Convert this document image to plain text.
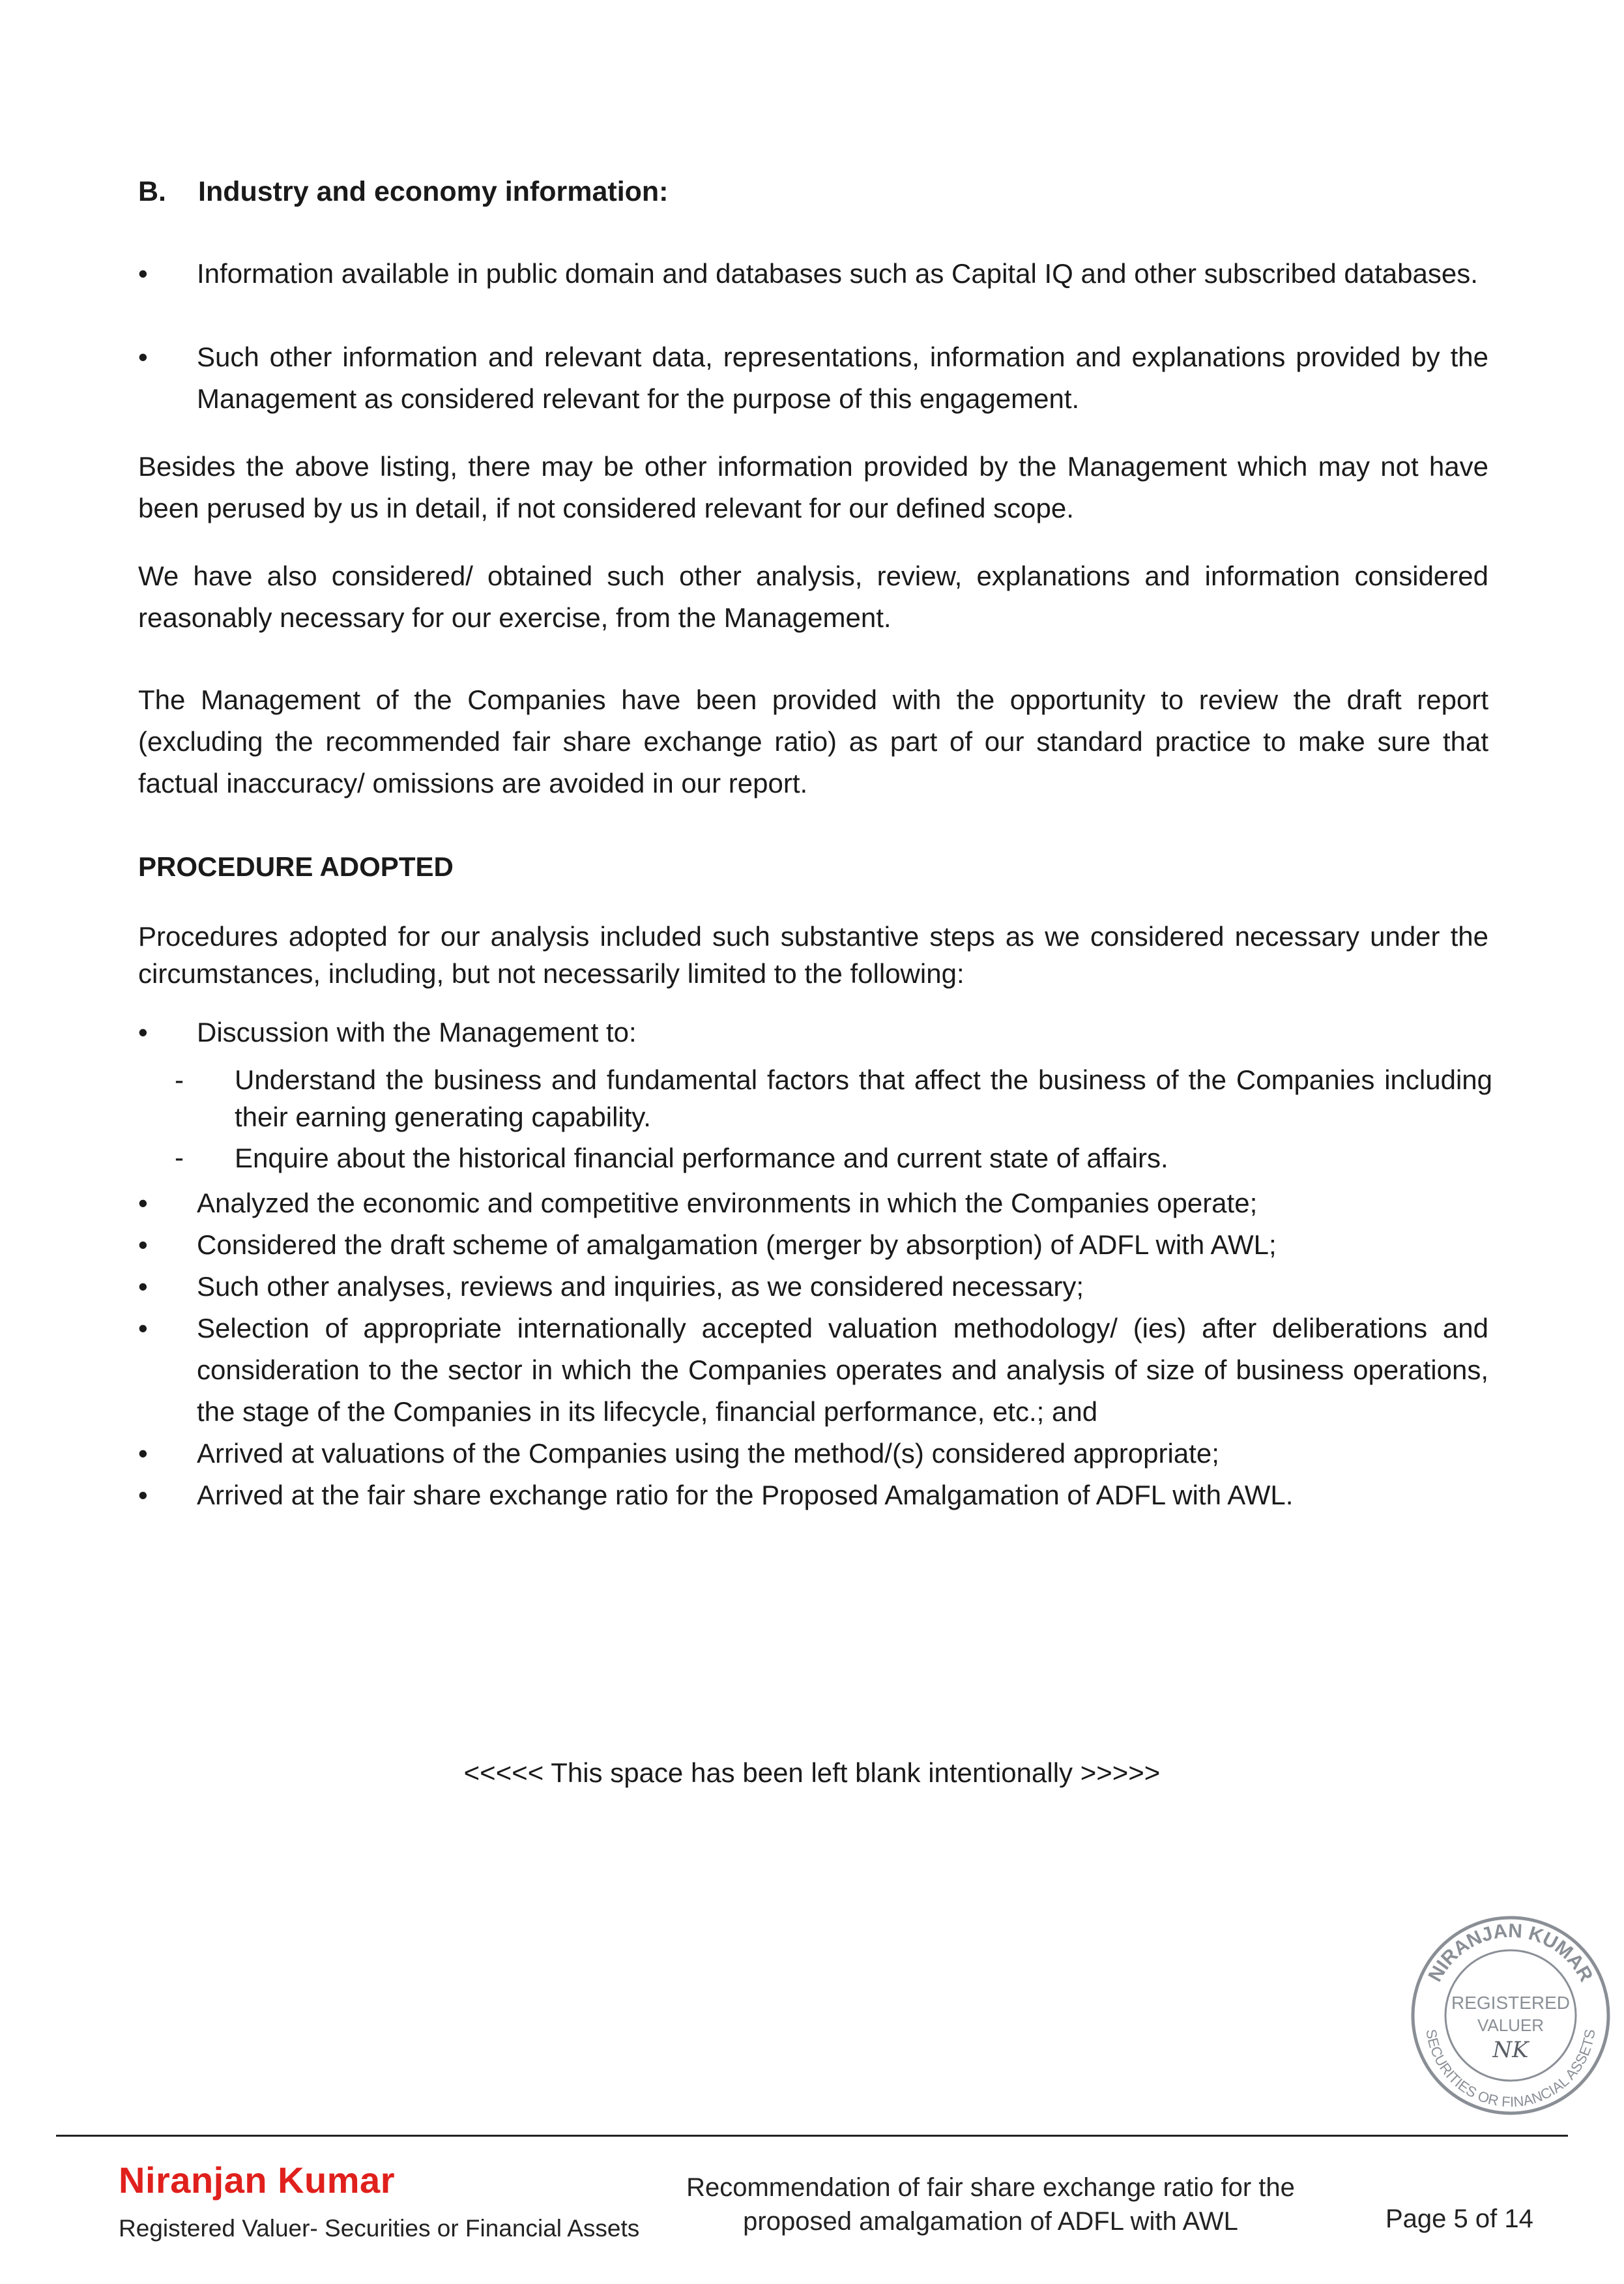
B. Industry and economy information:
• Information available in public domain and databases such as Capital IQ and other subscribed databases.
• Such other information and relevant data, representations, information and explanations provided by the Management as considered relevant for the purpose of this engagement.

Besides the above listing, there may be other information provided by the Management which may not have been perused by us in detail, if not considered relevant for our defined scope.

We have also considered/ obtained such other analysis, review, explanations and information considered reasonably necessary for our exercise, from the Management.

The Management of the Companies have been provided with the opportunity to review the draft report (excluding the recommended fair share exchange ratio) as part of our standard practice to make sure that factual inaccuracy/ omissions are avoided in our report.

PROCEDURE ADOPTED

Procedures adopted for our analysis included such substantive steps as we considered necessary under the circumstances, including, but not necessarily limited to the following:

• Discussion with the Management to:
- Understand the business and fundamental factors that affect the business of the Companies including their earning generating capability.
- Enquire about the historical financial performance and current state of affairs.
• Analyzed the economic and competitive environments in which the Companies operate;
• Considered the draft scheme of amalgamation (merger by absorption) of ADFL with AWL;
• Such other analyses, reviews and inquiries, as we considered necessary;
• Selection of appropriate internationally accepted valuation methodology/ (ies) after deliberations and consideration to the sector in which the Companies operates and analysis of size of business operations, the stage of the Companies in its lifecycle, financial performance, etc.; and
• Arrived at valuations of the Companies using the method/(s) considered appropriate;
• Arrived at the fair share exchange ratio for the Proposed Amalgamation of ADFL with AWL.
<<<<< This space has been left blank intentionally >>>>>
NIRANJAN KUMAR
SECURITIES OR FINANCIAL ASSETS
REGISTERED
VALUER
NK
Niranjan Kumar
Registered Valuer- Securities or Financial Assets
Recommendation of fair share exchange ratio for the
proposed amalgamation of ADFL with AWL	Page 5 of 14
